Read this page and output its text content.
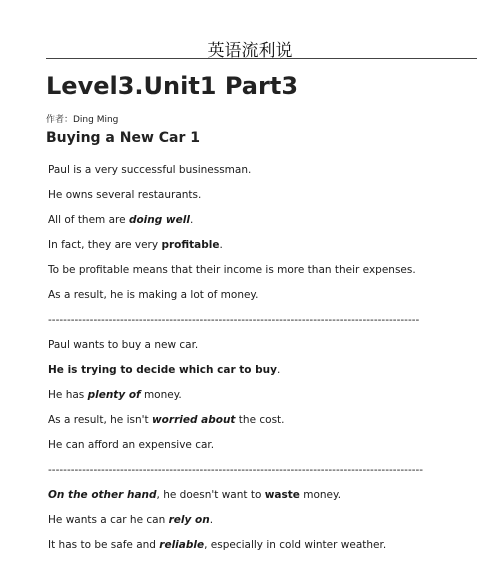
英语流利说
Level3.Unit1 Part3
作者：Ding Ming
Buying a New Car 1
Paul is a very successful businessman.
He owns several restaurants.
All of them are doing well.
In fact, they are very profitable.
To be profitable means that their income is more than their expenses.
As a result, he is making a lot of money.
--------------------------------------------------------------------------------------------------
Paul wants to buy a new car.
He is trying to decide which car to buy.
He has plenty of money.
As a result, he isn't worried about the cost.
He can afford an expensive car.
---------------------------------------------------------------------------------------------------
On the other hand, he doesn't want to waste money.
He wants a car he can rely on.
It has to be safe and reliable, especially in cold winter weather.
